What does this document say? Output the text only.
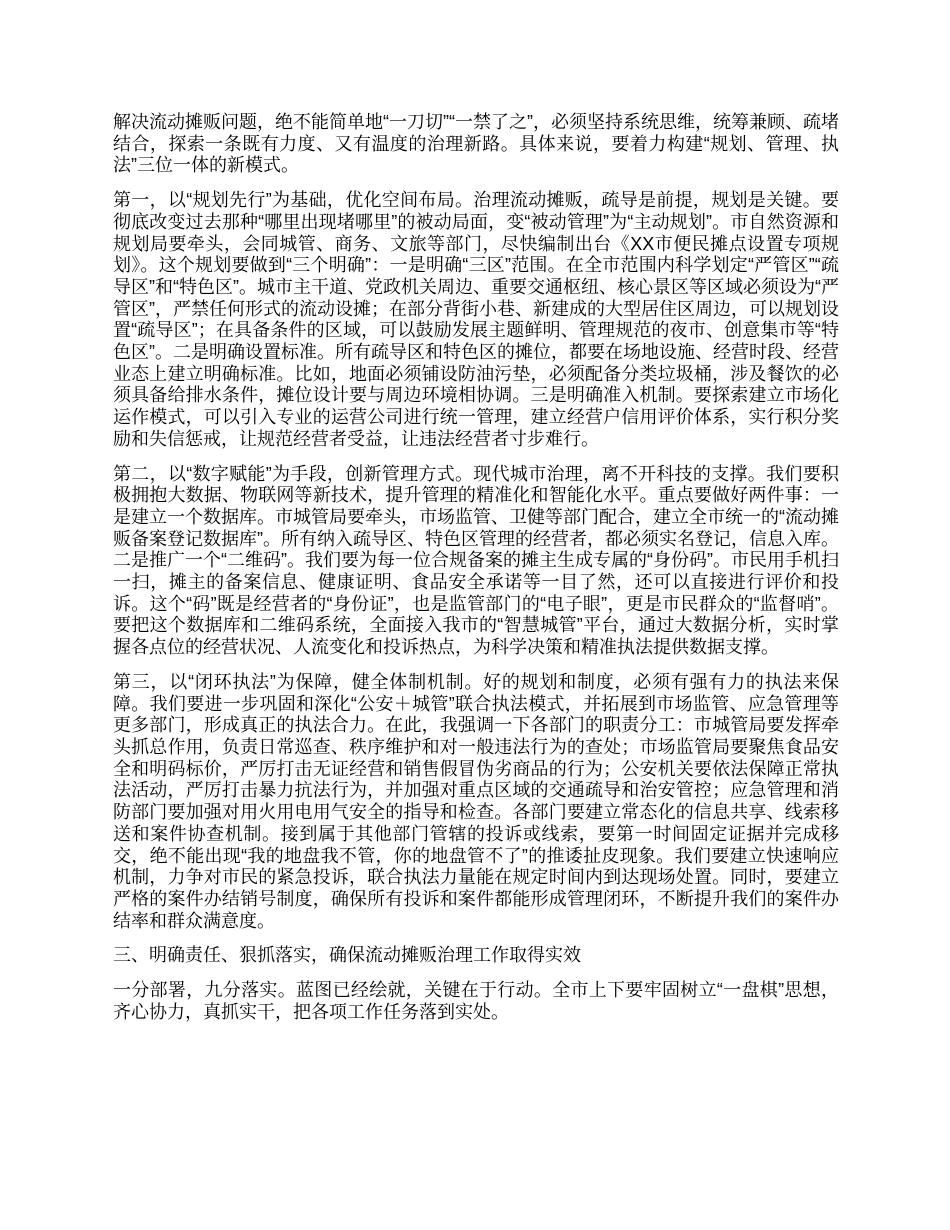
解决流动摊贩问题，绝不能简单地“一刀切”“一禁了之”，必须坚持系统思维，统筹兼顾、疏堵结合，探索一条既有力度、又有温度的治理新路。具体来说，要着力构建“规划、管理、执法”三位一体的新模式。

第一，以“规划先行”为基础，优化空间布局。治理流动摊贩，疏导是前提，规划是关键。要彻底改变过去那种“哪里出现堵哪里”的被动局面，变“被动管理”为“主动规划”。市自然资源和规划局要牵头，会同城管、商务、文旅等部门，尽快编制出台《XX市便民摊点设置专项规划》。这个规划要做到“三个明确”：一是明确“三区”范围。在全市范围内科学划定“严管区”“疏导区”和“特色区”。城市主干道、党政机关周边、重要交通枢纽、核心景区等区域必须设为“严管区”，严禁任何形式的流动设摊；在部分背街小巷、新建成的大型居住区周边，可以规划设置“疏导区”；在具备条件的区域，可以鼓励发展主题鲜明、管理规范的夜市、创意集市等“特色区”。二是明确设置标准。所有疏导区和特色区的摊位，都要在场地设施、经营时段、经营业态上建立明确标准。比如，地面必须铺设防油污垫，必须配备分类垃圾桶，涉及餐饮的必须具备给排水条件，摊位设计要与周边环境相协调。三是明确准入机制。要探索建立市场化运作模式，可以引入专业的运营公司进行统一管理，建立经营户信用评价体系，实行积分奖励和失信惩戒，让规范经营者受益，让违法经营者寸步难行。

第二，以“数字赋能”为手段，创新管理方式。现代城市治理，离不开科技的支撑。我们要积极拥抱大数据、物联网等新技术，提升管理的精准化和智能化水平。重点要做好两件事：一是建立一个数据库。市城管局要牵头，市场监管、卫健等部门配合，建立全市统一的“流动摊贩备案登记数据库”。所有纳入疏导区、特色区管理的经营者，都必须实名登记，信息入库。二是推广一个“二维码”。我们要为每一位合规备案的摊主生成专属的“身份码”。市民用手机扫一扫，摊主的备案信息、健康证明、食品安全承诺等一目了然，还可以直接进行评价和投诉。这个“码”既是经营者的“身份证”，也是监管部门的“电子眼”，更是市民群众的“监督哨”。要把这个数据库和二维码系统，全面接入我市的“智慧城管”平台，通过大数据分析，实时掌握各点位的经营状况、人流变化和投诉热点，为科学决策和精准执法提供数据支撑。

第三，以“闭环执法”为保障，健全体制机制。好的规划和制度，必须有强有力的执法来保障。我们要进一步巩固和深化“公安＋城管”联合执法模式，并拓展到市场监管、应急管理等更多部门，形成真正的执法合力。在此，我强调一下各部门的职责分工：市城管局要发挥牵头抓总作用，负责日常巡查、秩序维护和对一般违法行为的查处；市场监管局要聚焦食品安全和明码标价，严厉打击无证经营和销售假冒伪劣商品的行为；公安机关要依法保障正常执法活动，严厉打击暴力抗法行为，并加强对重点区域的交通疏导和治安管控；应急管理和消防部门要加强对用火用电用气安全的指导和检查。各部门要建立常态化的信息共享、线索移送和案件协查机制。接到属于其他部门管辖的投诉或线索，要第一时间固定证据并完成移交，绝不能出现“我的地盘我不管，你的地盘管不了”的推诿扯皮现象。我们要建立快速响应机制，力争对市民的紧急投诉，联合执法力量能在规定时间内到达现场处置。同时，要建立严格的案件办结销号制度，确保所有投诉和案件都能形成管理闭环，不断提升我们的案件办结率和群众满意度。

三、明确责任、狠抓落实，确保流动摊贩治理工作取得实效

一分部署，九分落实。蓝图已经绘就，关键在于行动。全市上下要牢固树立“一盘棋”思想，齐心协力，真抓实干，把各项工作任务落到实处。
